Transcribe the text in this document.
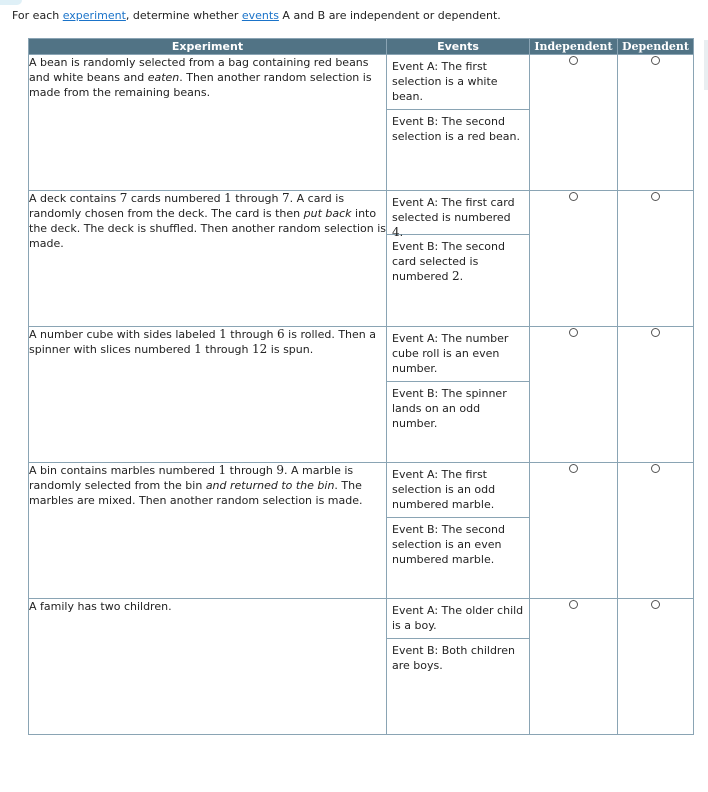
For each experiment, determine whether events A and B are independent or dependent.
Experiment	Events	Independent	Dependent
A bean is randomly selected from a bag containing red beans and white beans and eaten. Then another random selection is made from the remaining beans.	Event A: The first selection is a white bean.
Event B: The second selection is a red bean.		

A deck contains 7 cards numbered 1 through 7. A card is randomly chosen from the deck. The card is then put back into the deck. The deck is shuffled. Then another random selection is made.	Event A: The first card selected is numbered 4.
Event B: The second card selected is numbered 2.		

A number cube with sides labeled 1 through 6 is rolled. Then a spinner with slices numbered 1 through 12 is spun.	Event A: The number cube roll is an even number.
Event B: The spinner lands on an odd number.		

A bin contains marbles numbered 1 through 9. A marble is randomly selected from the bin and returned to the bin. The marbles are mixed. Then another random selection is made.	Event A: The first selection is an odd numbered marble.
Event B: The second selection is an even numbered marble.		

A family has two children.	Event A: The older child is a boy.
Event B: Both children are boys.		
